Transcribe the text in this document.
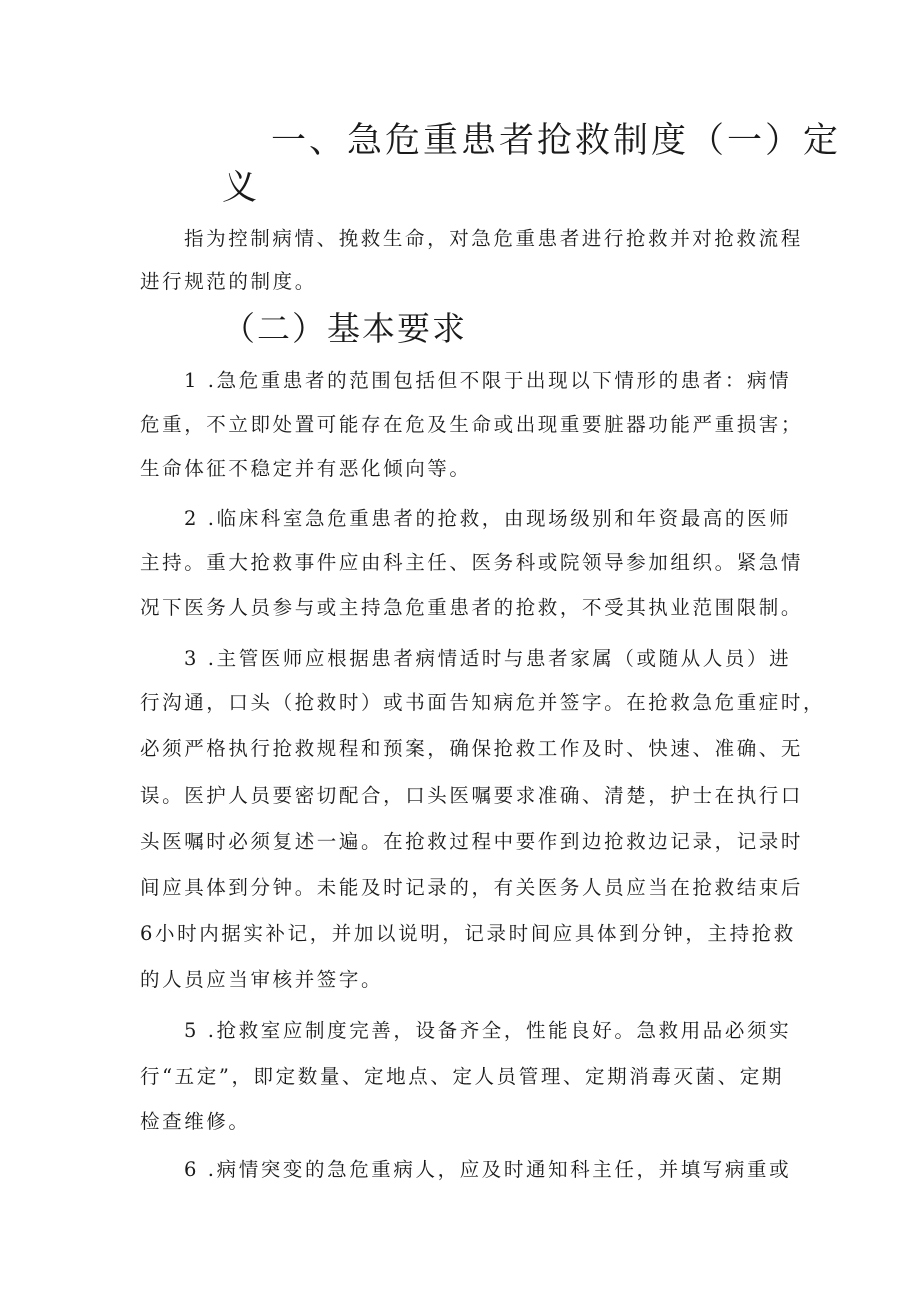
一、急危重患者抢救制度（一）定

义

指为控制病情、挽救生命，对急危重患者进行抢救并对抢救流程

进行规范的制度。

（二）基本要求

1 .急危重患者的范围包括但不限于出现以下情形的患者：病情

危重，不立即处置可能存在危及生命或出现重要脏器功能严重损害；

生命体征不稳定并有恶化倾向等。

2 .临床科室急危重患者的抢救，由现场级别和年资最高的医师

主持。重大抢救事件应由科主任、医务科或院领导参加组织。紧急情

况下医务人员参与或主持急危重患者的抢救，不受其执业范围限制。

3 .主管医师应根据患者病情适时与患者家属（或随从人员）进

行沟通，口头（抢救时）或书面告知病危并签字。在抢救急危重症时，

必须严格执行抢救规程和预案，确保抢救工作及时、快速、准确、无

误。医护人员要密切配合，口头医嘱要求准确、清楚，护士在执行口

头医嘱时必须复述一遍。在抢救过程中要作到边抢救边记录，记录时

间应具体到分钟。未能及时记录的，有关医务人员应当在抢救结束后

6小时内据实补记，并加以说明，记录时间应具体到分钟，主持抢救

的人员应当审核并签字。

5 .抢救室应制度完善，设备齐全，性能良好。急救用品必须实

行“五定”，即定数量、定地点、定人员管理、定期消毒灭菌、定期

检查维修。

6 .病情突变的急危重病人，应及时通知科主任，并填写病重或
